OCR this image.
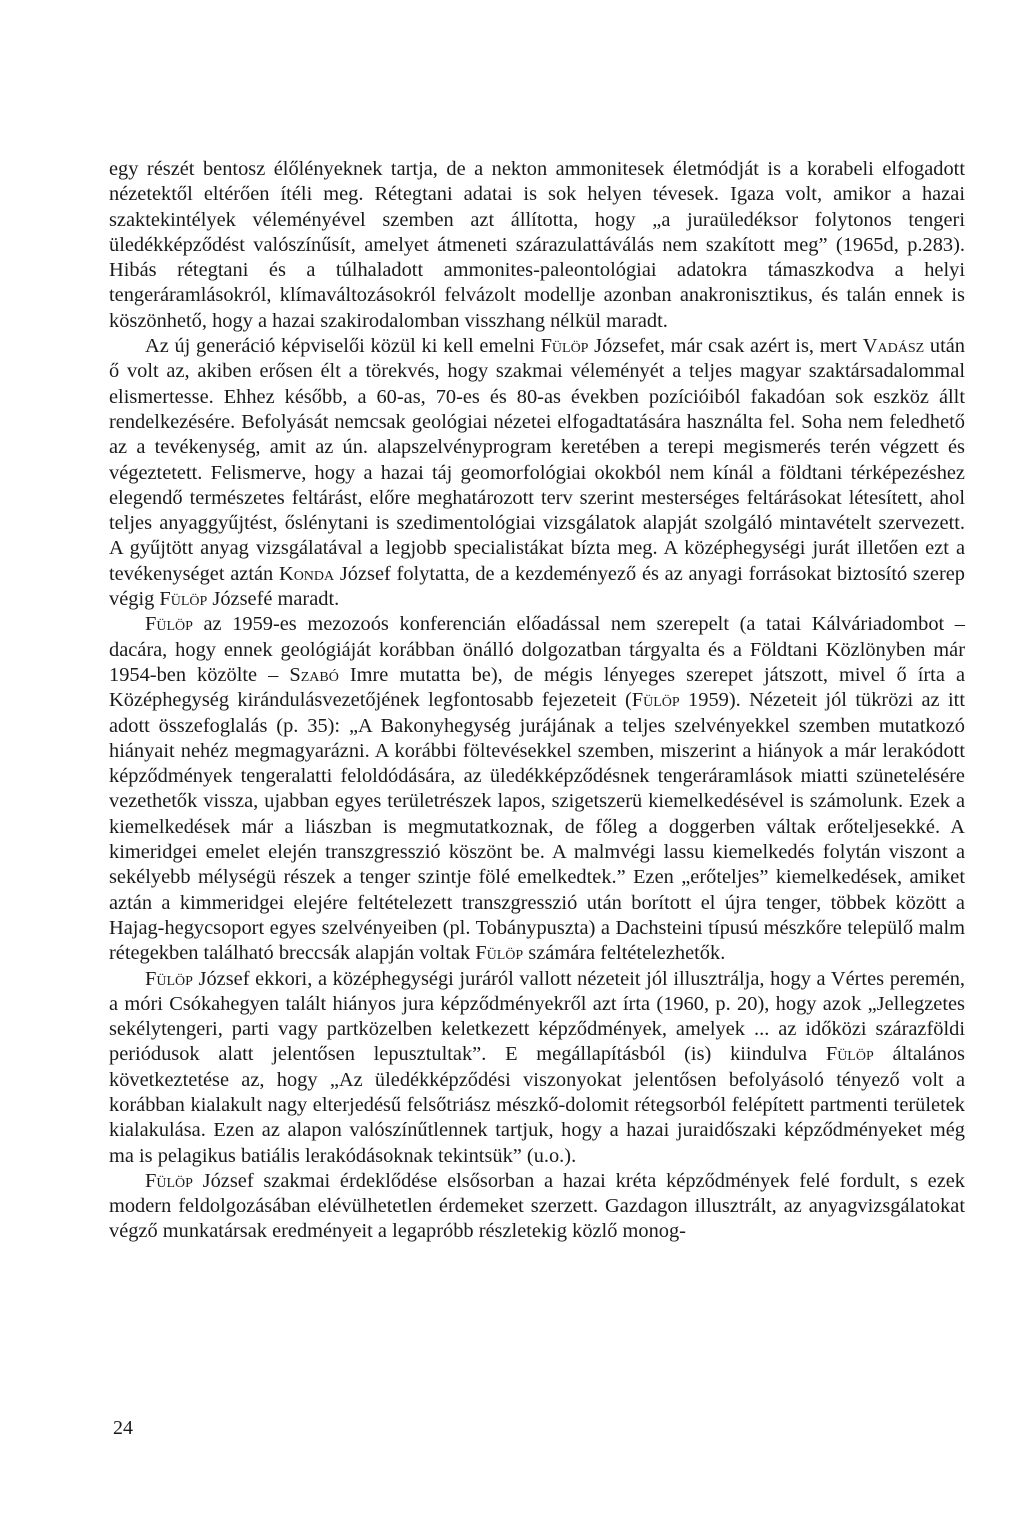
egy részét bentosz élőlényeknek tartja, de a nekton ammonitesek életmódját is a korabeli elfogadott nézetektől eltérően ítéli meg. Rétegtani adatai is sok helyen tévesek. Igaza volt, amikor a hazai szaktekintélyek véleményével szemben azt állította, hogy „a juraüledéksor folytonos tengeri üledékképződést valószínűsít, amelyet átmeneti szárazulattáválás nem szakított meg” (1965d, p.283). Hibás rétegtani és a túlhaladott ammonites-paleontológiai adatokra támaszkodva a helyi tengeráramlásokról, klímaváltozásokról felvázolt modellje azonban anakronisztikus, és talán ennek is köszönhető, hogy a hazai szakirodalomban visszhang nélkül maradt.

Az új generáció képviselői közül ki kell emelni Fülöp Józsefet, már csak azért is, mert Vadász után ő volt az, akiben erősen élt a törekvés, hogy szakmai véleményét a teljes magyar szaktársadalommal elismertesse. Ehhez később, a 60-as, 70-es és 80-as években pozícióiból fakadóan sok eszköz állt rendelkezésére. Befolyását nemcsak geológiai nézetei elfogadtatására használta fel. Soha nem feledhető az a tevékenység, amit az ún. alapszelvényprogram keretében a terepi megismerés terén végzett és végeztetett. Felismerve, hogy a hazai táj geomorfológiai okokból nem kínál a földtani térképezéshez elegendő természetes feltárást, előre meghatározott terv szerint mesterséges feltárásokat létesített, ahol teljes anyaggyűjtést, őslénytani is szedimentológiai vizsgálatok alapját szolgáló mintavételt szervezett. A gyűjtött anyag vizsgálatával a legjobb specialistákat bízta meg. A középhegységi jurát illetően ezt a tevékenységet aztán Konda József folytatta, de a kezdeményező és az anyagi forrásokat biztosító szerep végig Fülöp Józsefé maradt.

Fülöp az 1959-es mezozoós konferencián előadással nem szerepelt (a tatai Kálváriadombot – dacára, hogy ennek geológiáját korábban önálló dolgozatban tárgyalta és a Földtani Közlönyben már 1954-ben közölte – Szabó Imre mutatta be), de mégis lényeges szerepet játszott, mivel ő írta a Középhegység kirándulásvezetőjének legfontosabb fejezeteit (Fülöp 1959). Nézeteit jól tükrözi az itt adott összefoglalás (p. 35): „A Bakonyhegység jurájának a teljes szelvényekkel szemben mutatkozó hiányait nehéz megmagyarázni. A korábbi föltevésekkel szemben, miszerint a hiányok a már lerakódott képződmények tengeralatti feloldódására, az üledékképződésnek tengeráramlások miatti szünetelésére vezethetők vissza, ujabban egyes területrészek lapos, szigetszerü kiemelkedésével is számolunk. Ezek a kiemelkedések már a liászban is megmutatkoznak, de főleg a doggerben váltak erőteljesekké. A kimeridgei emelet elején transzgresszió köszönt be. A malmvégi lassu kiemelkedés folytán viszont a sekélyebb mélységü részek a tenger szintje fölé emelkedtek.” Ezen „erőteljes” kiemelkedések, amiket aztán a kimmeridgei elejére feltételezett transzgresszió után borított el újra tenger, többek között a Hajag-hegycsoport egyes szelvényeiben (pl. Tobánypuszta) a Dachsteini típusú mészkőre települő malm rétegekben található breccsák alapján voltak Fülöp számára feltételezhetők.

Fülöp József ekkori, a középhegységi juráról vallott nézeteit jól illusztrálja, hogy a Vértes peremén, a móri Csókahegyen talált hiányos jura képződményekről azt írta (1960, p. 20), hogy azok „Jellegzetes sekélytengeri, parti vagy partközelben keletkezett képződmények, amelyek ... az időközi szárazföldi periódusok alatt jelentősen lepusztultak”. E megállapításból (is) kiindulva Fülöp általános következtetése az, hogy „Az üledékképződési viszonyokat jelentősen befolyásoló tényező volt a korábban kialakult nagy elterjedésű felsőtriász mészkő-dolomit rétegsorból felépített partmenti területek kialakulása. Ezen az alapon valószínűtlennek tartjuk, hogy a hazai juraidőszaki képződményeket még ma is pelagikus batiális lerakódásoknak tekintsük” (u.o.).

Fülöp József szakmai érdeklődése elsősorban a hazai kréta képződmények felé fordult, s ezek modern feldolgozásában elévülhetetlen érdemeket szerzett. Gazdagon illusztrált, az anyagvizsgálatokat végző munkatársak eredményeit a legapróbb részletekig közlő monog-

24
